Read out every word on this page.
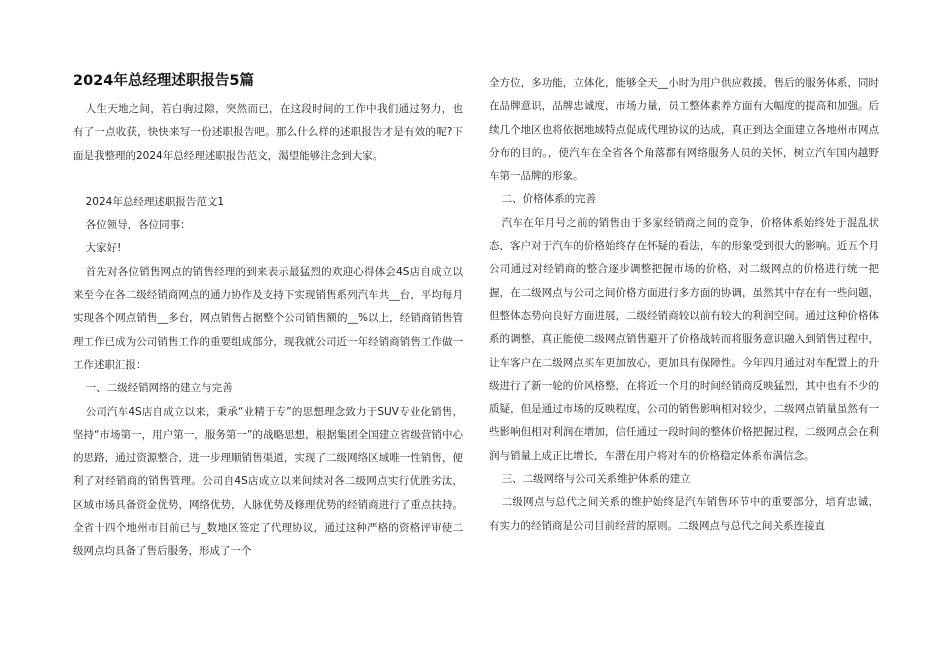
2024年总经理述职报告5篇

人生天地之间，若白驹过隙，突然而已，在这段时间的工作中我们通过努力，也有了一点收获，快快来写一份述职报告吧。那么什么样的述职报告才是有效的呢?下面是我整理的2024年总经理述职报告范文，渴望能够注念到大家。

2024年总经理述职报告范文1

各位领导，各位同事：

大家好!

首先对各位销售网点的销售经理的到来表示最猛烈的欢迎心得体会4S店自成立以来至今在各二级经销商网点的通力协作及支持下实现销售系列汽车共__台，平均每月实现各个网点销售__多台，网点销售占据整个公司销售额的__%以上，经销商销售管理工作已成为公司销售工作的重要组成部分，现我就公司近一年经销商销售工作做一工作述职汇报：

一、二级经销网络的建立与完善

公司汽车4S店自成立以来，秉承“业精于专”的思想理念致力于SUV专业化销售，坚持“市场第一，用户第一，服务第一”的战略思想，根据集团全国建立省级营销中心的思路，通过资源整合，进一步理顺销售渠道，实现了二级网络区域唯一性销售，便利了对经销商的销售管理。公司自4S店成立以来间续对各二级网点实行优胜劣汰，区域市场具备资金优势，网络优势，人脉优势及修理优势的经销商进行了重点扶持。全省十四个地州市目前已与_数地区签定了代理协议，通过这种严格的资格评审使二级网点均具备了售后服务，形成了一个

全方位，多功能，立体化，能够全天__小时为用户供应救援，售后的服务体系，同时在品牌意识，品牌忠诚度，市场力量，员工整体素养方面有大幅度的提高和加强。后续几个地区也将依据地域特点促成代理协议的达成，真正到达全面建立各地州市网点分布的目的。，使汽车在全省各个角落都有网络服务人员的关怀，树立汽车国内越野车第一品牌的形象。

二、价格体系的完善

汽车在年月号之前的销售由于多家经销商之间的竞争，价格体系始终处于混乱状态，客户对于汽车的价格始终存在怀疑的看法，车的形象受到很大的影响。近五个月公司通过对经销商的整合逐步调整把握市场的价格，对二级网点的价格进行统一把握，在二级网点与公司之间价格方面进行多方面的协调，虽然其中存在有一些问题，但整体态势向良好方面进展，二级经销商较以前有较大的利润空间。通过这种价格体系的调整，真正能使二级网点销售避开了价格战转而将服务意识融入到销售过程中，让车客户在二级网点买车更加放心，更加具有保障性。今年四月通过对车配置上的升级进行了新一轮的价风格整，在将近一个月的时间经销商反映猛烈，其中也有不少的质疑，但是通过市场的反映程度，公司的销售影响相对较少，二级网点销量虽然有一些影响但相对利润在增加，信任通过一段时间的整体价格把握过程，二级网点会在利润与销量上成正比增长，车潜在用户将对车的价格稳定体系布满信念。

三、二级网络与公司关系维护体系的建立

二级网点与总代之间关系的维护始终是汽车销售环节中的重要部分，培育忠诚，有实力的经销商是公司目前经营的原则。二级网点与总代之间关系连接直
